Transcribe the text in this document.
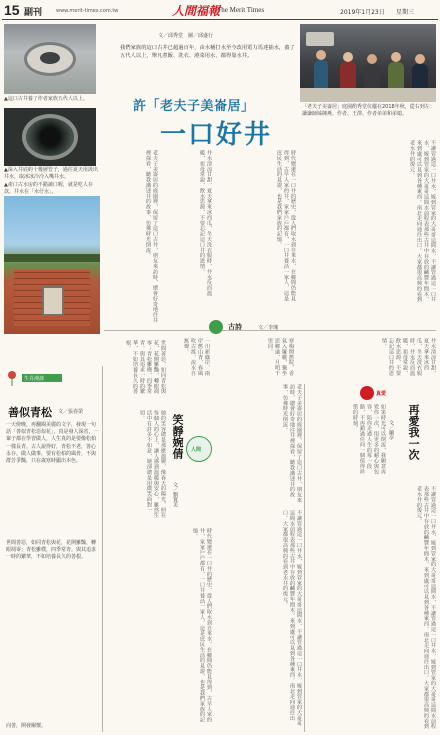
15 副刊	www.merit-times.com.tw	人間福報
The Merit Times	2019年1月23日 星期三
文／邱秀堂　圖／邱盛行

我們家族的這口古井已超過百年，由水桶打水至今改用電力馬達抽水，養了五代人以上，舉凡煮飯、洗衣、澆菜用水，都得靠水井。

許「老夫子美崙居」
一口好井

「老夫子美崙居」庭園酌秀堂伉儷在2018年秋，從右到左：謙謙師姊陳燕、作者、王澤、作者弟弟和弟媳。

▲這口古井養了作者家族五代人以上。

▲深入井底約十幾層管子，過往夏天用汲出井水，取冰冰冷冷入嘴井水。

▲產口古水房的不錯讀口喔，就是吃人存款，井水在「水仔水」。	不讓管過這一口井水，嫁到管家的大哥哥這間水，不讓管過這一口井水，嫁到管家的大哥哥這間水前程表那些古井中存放的鹹豐年間木，來到處可以見到各種東西。南北走向通往出口。大家都很高興的看到老水井的復元。
時代變遷在一口井的歷史，從人們取水到自來水，在鄉間仍能見得到，古早人家的井，家家戶戶都有，一口井養活一家人，這是庶民生活的見證，也是我們家族的記憶。
井水清涼甘甜，夏天拿來冰西瓜，冬天洗衣服時，井水反而溫暖，祖母常說，飲水思源，不要忘記這口井的恩情。
老夫子美崙居的庭園裡，保留了這口古井，朋友來訪時，總會好奇地往井裡探看，聽我講述井的故事，彷彿時光倒流。
古詩	文／李瑰
一川新綠岸，兩岸舊山青，春風吹古渡，流水自無聲。	寒梅開舊院，香氣入簾櫳，獨坐思鄉遠，月明千里同。	井水清涼甘甜，夏天拿來冰西瓜，冬天洗衣服時，井水反而溫暖，祖母常說，飲水思源，不要忘記這口井的恩情。
生肖漫談
善似青松 文／張春榮

一天傍晚，再翻閱美麗的文字，發現一句話「善似青松惡似花」，真是發人深省，一輩子都在學習做人，人生真的是要像松柏一樣長青。古人說得好，青松不老，善心永存。做人做事，要有松柏的風骨，不與群芳爭豔，只在歲寒時顯出本色。

世間善惡，如同青松與花，花開雖豔，轉眼凋零；青松雖樸，四季常青。與其追求一時的繁華，不如培養長久的善根。

向善，開發關懷。
世間善惡，如同青松與花，花開雖豔，轉眼凋零；青松雖樸，四季常青。與其追求一時的繁華，不如培養長久的善根。
她的笑容總是那麼溫婉，像春天的陽光，照在每個人的心上，讓人感到溫暖與安心，雖然生活中有許多不如意，她卻總是用微笑面對一切。	笑靜婉倩 人間
文／劉寬美
時代變遷在一口井的歷史，從人們取水到自來水，在鄉間仍能見得到，古早人家的井，家家戶戶都有，一口井養活一家人，這是庶民生活的見證，也是我們家族的記憶。
老夫子美崙居的庭園裡，保留了這口古井，朋友來訪時，總會好奇地往井裡探看，聽我講述井的故事，彷彿時光倒流。
不讓管過這一口井水，嫁到管家的大哥哥這間水，不讓管過這一口井水，嫁到管家的大哥哥這間水前程表那些古井中存放的鹹豐年間木，來到處可以見到各種東西。南北走向通往出口。大家都很高興的看到老水井的復元。
真愛
再愛我一次
文／蘭亭
如果時光可以倒流，我願意再愛你一次，用更多的耐心與包容，陪你走過人生的每一段路，不再錯過任何一個值得珍惜的時刻。
不讓管過這一口井水，嫁到管家的大哥哥這間水，不讓管過這一口井水，嫁到管家的大哥哥這間水前程表那些古井中存放的鹹豐年間木，來到處可以見到各種東西。南北走向通往出口。大家都很高興的看到老水井的復元。
